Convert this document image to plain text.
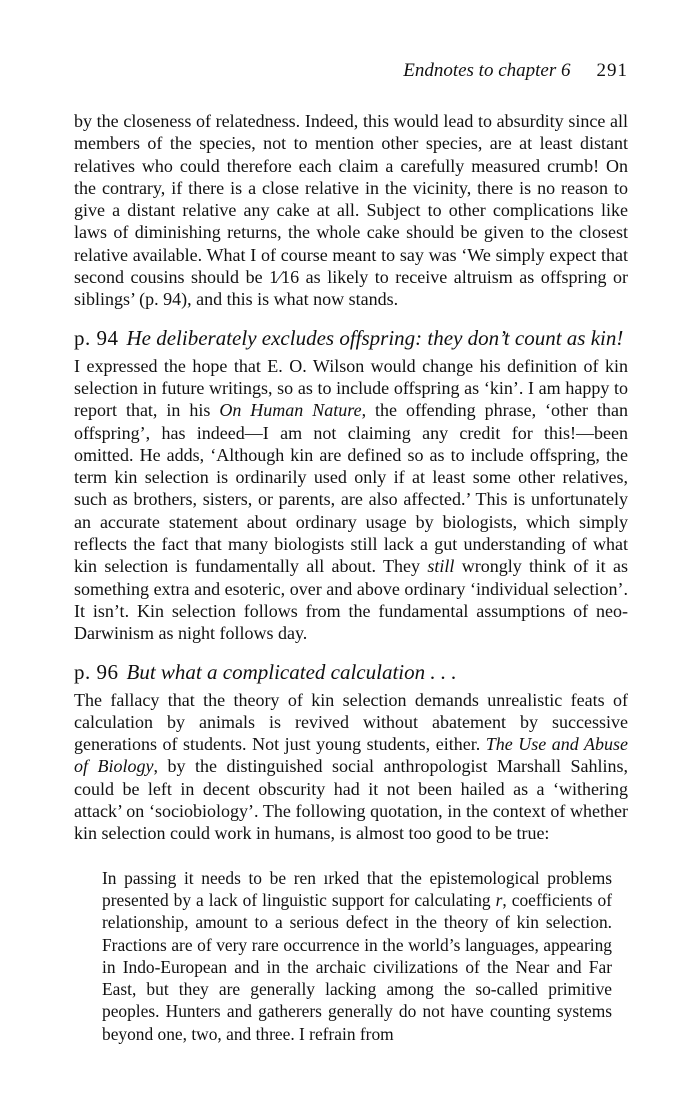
Endnotes to chapter 6 291

by the closeness of relatedness. Indeed, this would lead to absurdity since all members of the species, not to mention other species, are at least distant relatives who could therefore each claim a carefully measured crumb! On the contrary, if there is a close relative in the vicinity, there is no reason to give a distant relative any cake at all. Subject to other complications like laws of diminishing returns, the whole cake should be given to the closest relative available. What I of course meant to say was ‘We simply expect that second cousins should be 1⁄16 as likely to receive altruism as offspring or siblings’ (p. 94), and this is what now stands.

p. 94 He deliberately excludes offspring: they don’t count as kin!

I expressed the hope that E. O. Wilson would change his definition of kin selection in future writings, so as to include offspring as ‘kin’. I am happy to report that, in his On Human Nature, the offending phrase, ‘other than offspring’, has indeed—I am not claiming any credit for this!—been omitted. He adds, ‘Although kin are defined so as to include offspring, the term kin selection is ordinarily used only if at least some other relatives, such as brothers, sisters, or parents, are also affected.’ This is unfortunately an accurate statement about ordinary usage by biologists, which simply reflects the fact that many biologists still lack a gut understanding of what kin selection is fundamentally all about. They still wrongly think of it as something extra and esoteric, over and above ordinary ‘individual selection’. It isn’t. Kin selection follows from the fundamental assumptions of neo-Darwinism as night follows day.

p. 96 But what a complicated calculation . . .

The fallacy that the theory of kin selection demands unrealistic feats of calculation by animals is revived without abatement by successive generations of students. Not just young students, either. The Use and Abuse of Biology, by the distinguished social anthropologist Marshall Sahlins, could be left in decent obscurity had it not been hailed as a ‘withering attack’ on ‘sociobiology’. The following quotation, in the context of whether kin selection could work in humans, is almost too good to be true:

In passing it needs to be ren ırked that the epistemological problems presented by a lack of linguistic support for calculating r, coefficients of relationship, amount to a serious defect in the theory of kin selection. Fractions are of very rare occurrence in the world’s languages, appearing in Indo-European and in the archaic civilizations of the Near and Far East, but they are generally lacking among the so-called primitive peoples. Hunters and gatherers generally do not have counting systems beyond one, two, and three. I refrain from
